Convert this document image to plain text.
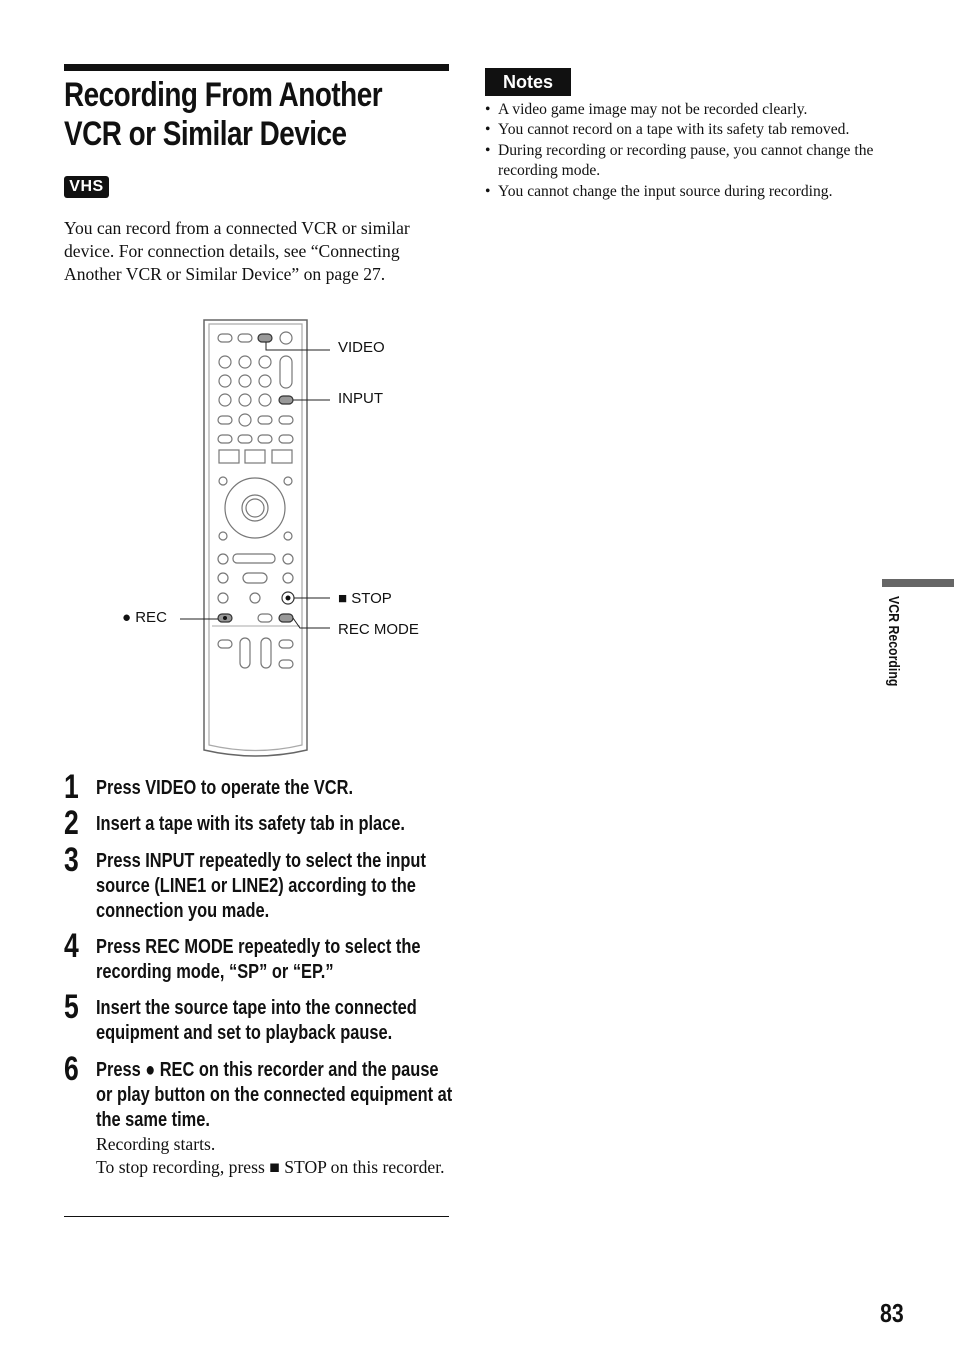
Recording From Another
VCR or Similar Device
VHS

You can record from a connected VCR or similar device. For connection details, see “Connecting Another VCR or Similar Device” on page 27.

VIDEO
INPUT
■ STOP
● REC
REC MODE
1 Press VIDEO to operate the VCR.
2 Insert a tape with its safety tab in place.
3 Press INPUT repeatedly to select the input source (LINE1 or LINE2) according to the connection you made.
4 Press REC MODE repeatedly to select the recording mode, “SP” or “EP.”
5 Insert the source tape into the connected equipment and set to playback pause.
6 Press ● REC on this recorder and the pause or play button on the connected equipment at the same time.
Recording starts.
To stop recording, press ■ STOP on this recorder.
Notes
• A video game image may not be recorded clearly.
• You cannot record on a tape with its safety tab removed.
• During recording or recording pause, you cannot change the recording mode.
• You cannot change the input source during recording.
VCR Recording
83
